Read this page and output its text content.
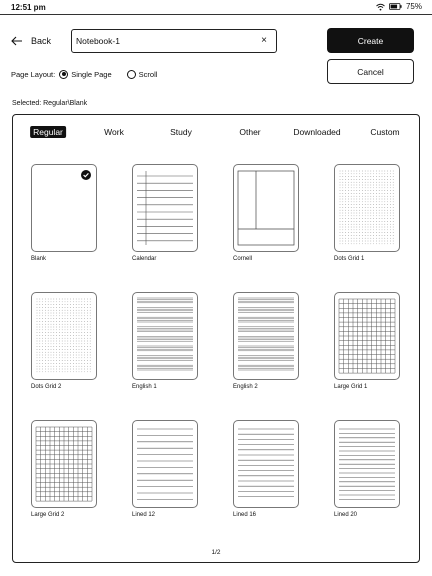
12:51 pm	75%
Back
Notebook-1	×	Create
Cancel
Page Layout: Single Page	Scroll
Selected: Regular\Blank
Regular	Work	Study	Other	Downloaded	Custom
Blank	Calendar	Cornell	Dots Grid 1
Dots Grid 2	English 1	English 2	Large Grid 1
Large Grid 2	Lined 12	Lined 16	Lined 20
1/2
